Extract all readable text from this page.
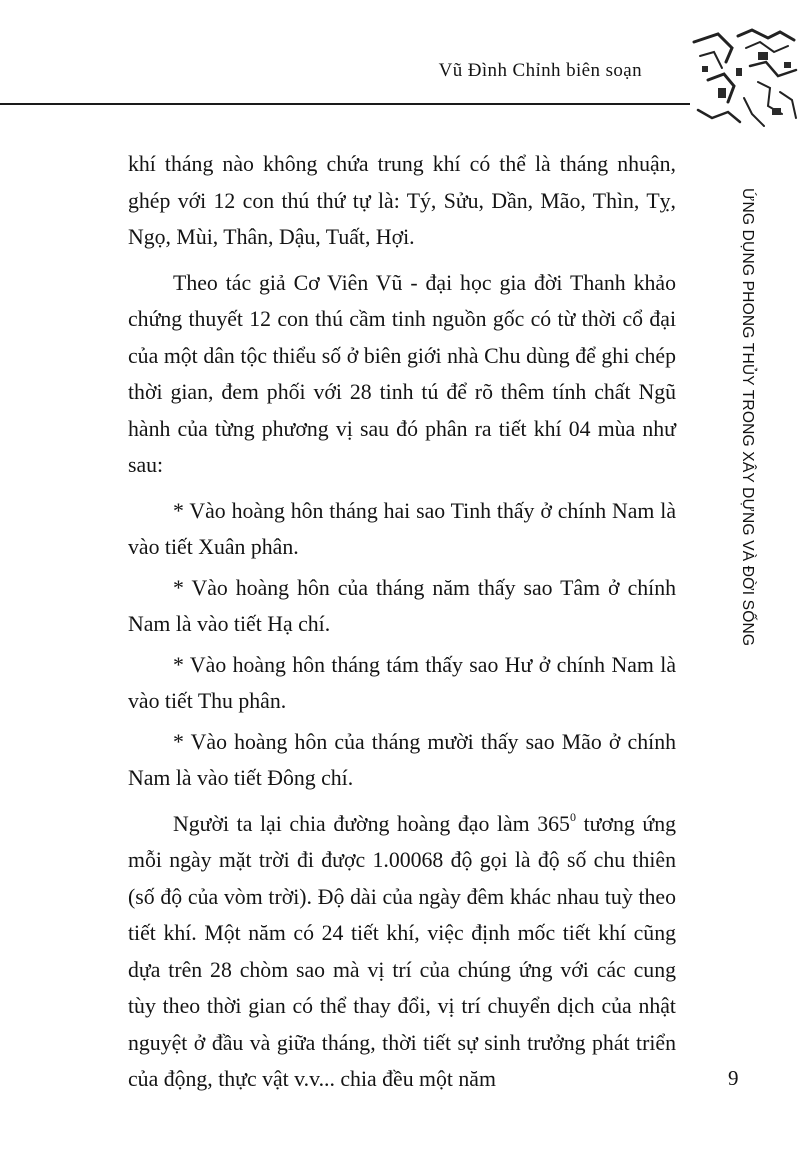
Vũ Đình Chỉnh biên soạn
ỨNG DỤNG PHONG THỦY TRONG XÂY DỰNG VÀ ĐỜI SỐNG

khí tháng nào không chứa trung khí có thể là tháng nhuận, ghép với 12 con thú thứ tự là: Tý, Sửu, Dần, Mão, Thìn, Tỵ, Ngọ, Mùi, Thân, Dậu, Tuất, Hợi.

Theo tác giả Cơ Viên Vũ - đại học gia đời Thanh khảo chứng thuyết 12 con thú cầm tinh nguồn gốc có từ thời cổ đại của một dân tộc thiểu số ở biên giới nhà Chu dùng để ghi chép thời gian, đem phối với 28 tinh tú để rõ thêm tính chất Ngũ hành của từng phương vị sau đó phân ra tiết khí 04 mùa như sau:

* Vào hoàng hôn tháng hai sao Tinh thấy ở chính Nam là vào tiết Xuân phân.

* Vào hoàng hôn của tháng năm thấy sao Tâm ở chính Nam là vào tiết Hạ chí.

* Vào hoàng hôn tháng tám thấy sao Hư ở chính Nam là vào tiết Thu phân.

* Vào hoàng hôn của tháng mười thấy sao Mão ở chính Nam là vào tiết Đông chí.

Người ta lại chia đường hoàng đạo làm $365^0$ tương ứng mỗi ngày mặt trời đi được 1.00068 độ gọi là độ số chu thiên (số độ của vòm trời). Độ dài của ngày đêm khác nhau tuỳ theo tiết khí. Một năm có 24 tiết khí, việc định mốc tiết khí cũng dựa trên 28 chòm sao mà vị trí của chúng ứng với các cung tùy theo thời gian có thể thay đổi, vị trí chuyển dịch của nhật nguyệt ở đầu và giữa tháng, thời tiết sự sinh trưởng phát triển của động, thực vật v.v... chia đều một năm	9
